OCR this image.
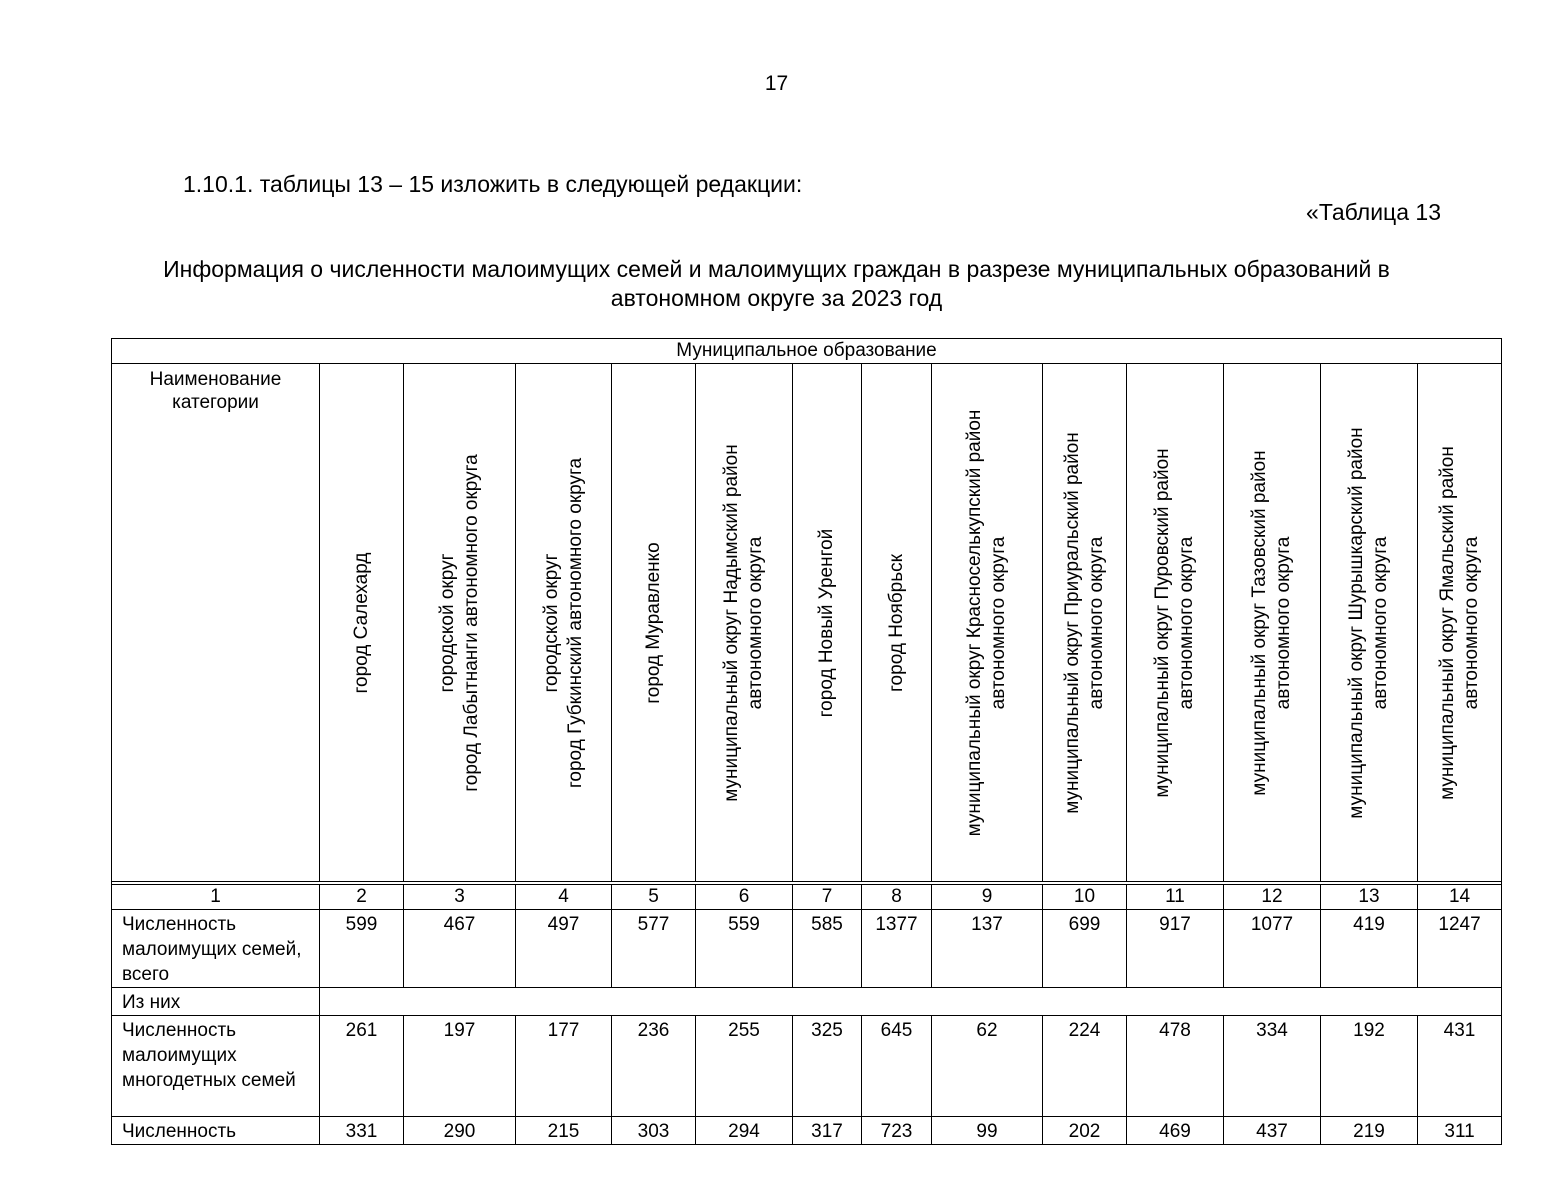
17
1.10.1. таблицы 13 – 15 изложить в следующей редакции:
«Таблица 13
Информация о численности малоимущих семей и малоимущих граждан в разрезе муниципальных образований в автономном округе за 2023 год
Муниципальное образование													
Наименование категории	город Салехард	городской округ город Лабытнанги автономного округа	городской округ город Губкинский автономного округа	город Муравленко	муниципальный округ Надымский район автономного округа	город Новый Уренгой	город Ноябрьск	муниципальный округ Красноселькупский район автономного округа	муниципальный округ Приуральский район автономного округа	муниципальный округ Пуровский район автономного округа	муниципальный округ Тазовский район автономного округа	муниципальный округ Шурышкарский район автономного округа	муниципальный округ Ямальский район автономного округа

1	2	3	4	5	6	7	8	9	10	11	12	13	14
Численность малоимущих семей, всего	599	467	497	577	559	585	1377	137	699	917	1077	419	1247
Из них													
Численность малоимущих многодетных семей	261	197	177	236	255	325	645	62	224	478	334	192	431
Численность	331	290	215	303	294	317	723	99	202	469	437	219	311
